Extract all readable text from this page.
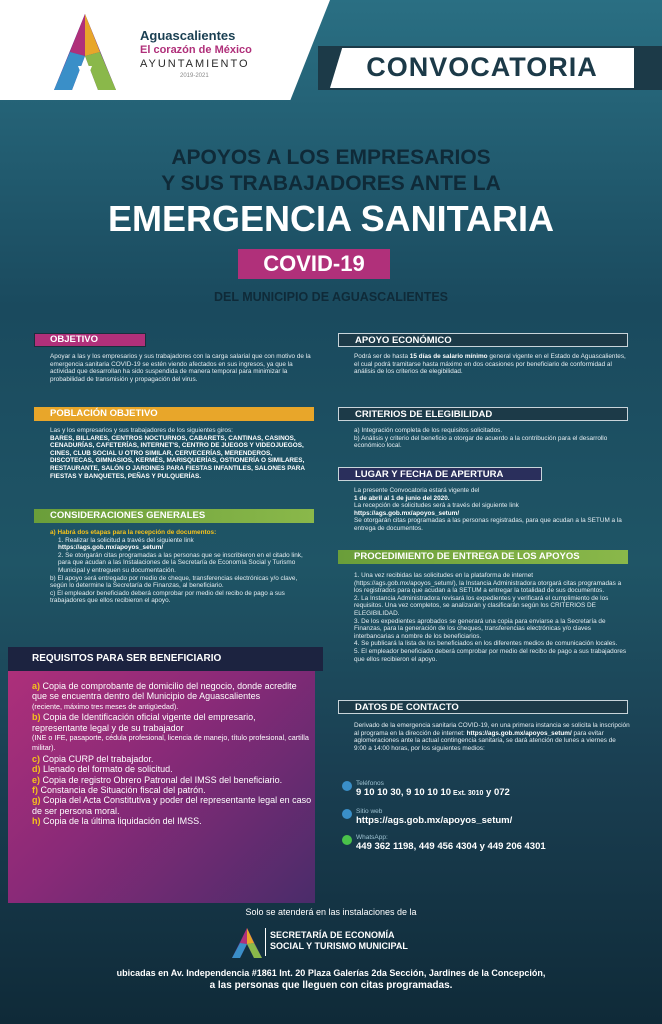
Aguascalientes
El corazón de México
AYUNTAMIENTO
2019-2021	CONVOCATORIA
APOYOS A LOS EMPRESARIOS
Y SUS TRABAJADORES ANTE LA
EMERGENCIA SANITARIA
COVID-19
DEL MUNICIPIO DE AGUASCALIENTES
OBJETIVO
Apoyar a las y los empresarios y sus trabajadores con la carga salarial que con motivo de la emergencia sanitaria COVID-19 se estén viendo afectados en sus ingresos, ya que la actividad que desarrollan ha sido suspendida de manera temporal para minimizar la probabilidad de transmisión y propagación del virus.
POBLACIÓN OBJETIVO
Las y los empresarios y sus trabajadores de los siguientes giros:
BARES, BILLARES, CENTROS NOCTURNOS, CABARETS, CANTINAS, CASINOS, CENADURÍAS, CAFETERÍAS, INTERNET'S, CENTRO DE JUEGOS Y VIDEOJUEGOS, CINES, CLUB SOCIAL U OTRO SIMILAR, CERVECERÍAS, MERENDEROS, DISCOTECAS, GIMNASIOS, KERMÉS, MARISQUERÍAS, OSTIONERÍA O SIMILARES, RESTAURANTE, SALÓN O JARDINES PARA FIESTAS INFANTILES, SALONES PARA FIESTAS Y BANQUETES, PEÑAS Y PULQUERÍAS.
CONSIDERACIONES GENERALES
a) Habrá dos etapas para la recepción de documentos:
1. Realizar la solicitud a través del siguiente link
https://ags.gob.mx/apoyos_setum/
2. Se otorgarán citas programadas a las personas que se inscribieron en el citado link, para que acudan a las Instalaciones de la Secretaría de Economía Social y Turismo Municipal y entreguen su documentación.
b) El apoyo será entregado por medio de cheque, transferencias electrónicas y/o clave, según lo determine la Secretaría de Finanzas, al beneficiario.
c) El empleador beneficiado deberá comprobar por medio del recibo de pago a sus trabajadores que ellos recibieron el apoyo.
REQUISITOS PARA SER BENEFICIARIO
a) Copia de comprobante de domicilio del negocio, donde acredite que se encuentra dentro del Municipio de Aguascalientes
(reciente, máximo tres meses de antigüedad).
b) Copia de Identificación oficial vigente del empresario, representante legal y de su trabajador
(INE o IFE, pasaporte, cédula profesional, licencia de manejo, título profesional, cartilla militar).
c) Copia CURP del trabajador.
d) Llenado del formato de solicitud.
e) Copia de registro Obrero Patronal del IMSS del beneficiario.
f) Constancia de Situación fiscal del patrón.
g) Copia del Acta Constitutiva y poder del representante legal en caso de ser persona moral.
h) Copia de la última liquidación del IMSS.
APOYO ECONÓMICO
Podrá ser de hasta 15 días de salario mínimo general vigente en el Estado de Aguascalientes, el cual podrá tramitarse hasta máximo en dos ocasiones por beneficiario de conformidad al análisis de los criterios de elegibilidad.
CRITERIOS DE ELEGIBILIDAD
a) Integración completa de los requisitos solicitados.
b) Análisis y criterio del beneficio a otorgar de acuerdo a la contribución para el desarrollo económico local.
LUGAR Y FECHA DE APERTURA
La presente Convocatoria estará vigente del
1 de abril al 1 de junio del 2020.
La recepción de solicitudes será a través del siguiente link
https://ags.gob.mx/apoyos_setum/
Se otorgarán citas programadas a las personas registradas, para que acudan a la SETUM a la entrega de documentos.
PROCEDIMIENTO DE ENTREGA DE LOS APOYOS
1. Una vez recibidas las solicitudes en la plataforma de internet (https://ags.gob.mx/apoyos_setum/), la Instancia Administradora otorgará citas programadas a los registrados para que acudan a la SETUM a entregar la totalidad de sus documentos.
2. La Instancia Administradora revisará los expedientes y verificará el cumplimiento de los requisitos. Una vez completos, se analizarán y clasificarán según los CRITERIOS DE ELEGIBILIDAD.
3. De los expedientes aprobados se generará una copia para enviarse a la Secretaría de Finanzas, para la generación de los cheques, transferencias electrónicas y/o claves interbancarias a nombre de los beneficiarios.
4. Se publicará la lista de los beneficiados en los diferentes medios de comunicación locales.
5. El empleador beneficiado deberá comprobar por medio del recibo de pago a sus trabajadores que ellos recibieron el apoyo.
DATOS DE CONTACTO
Derivado de la emergencia sanitaria COVID-19, en una primera instancia se solicita la inscripción al programa en la dirección de internet: https://ags.gob.mx/apoyos_setum/ para evitar aglomeraciones ante la actual contingencia sanitaria, se dará atención de lunes a viernes de 9:00 a 14:00 horas, por los siguientes medios:
Teléfonos
9 10 10 30, 9 10 10 10 Ext. 3010 y 072
Sitio web
https://ags.gob.mx/apoyos_setum/
WhatsApp:
449 362 1198, 449 456 4304 y 449 206 4301
Solo se atenderá en las instalaciones de la
SECRETARÍA DE ECONOMÍA
SOCIAL Y TURISMO MUNICIPAL
ubicadas en Av. Independencia #1861 Int. 20 Plaza Galerías 2da Sección, Jardines de la Concepción,
a las personas que lleguen con citas programadas.
